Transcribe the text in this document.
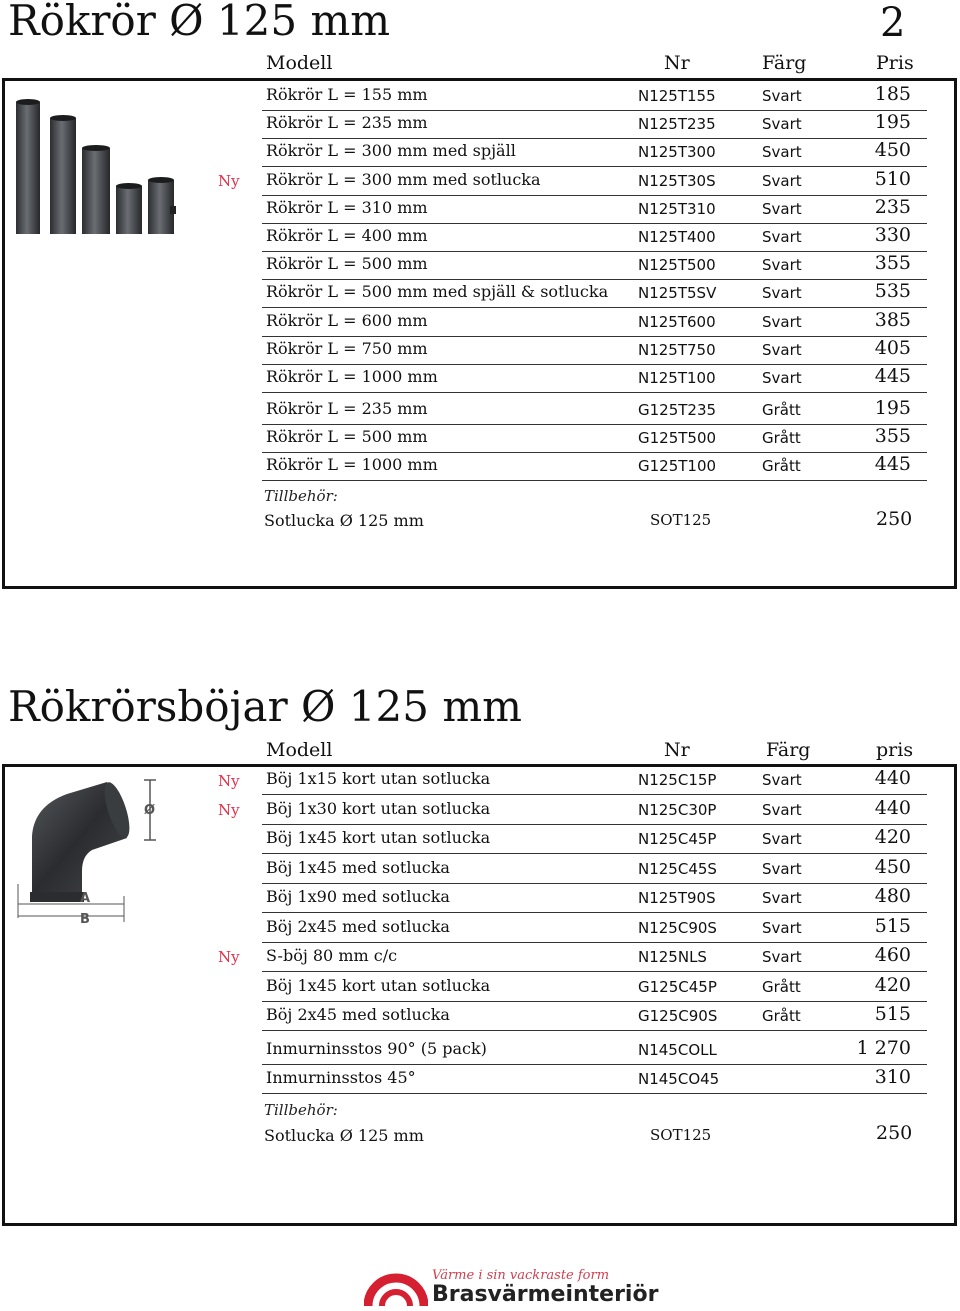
Rökrör Ø 125 mm	2
Modell	Nr	Färg	Pris
Ny
Rökrör L = 155 mm	N125T155	Svart	185
Rökrör L = 235 mm	N125T235	Svart	195
Rökrör L = 300 mm med spjäll	N125T300	Svart	450
Rökrör L = 300 mm med sotlucka	N125T30S	Svart	510
Rökrör L = 310 mm	N125T310	Svart	235
Rökrör L = 400 mm	N125T400	Svart	330
Rökrör L = 500 mm	N125T500	Svart	355
Rökrör L = 500 mm med spjäll & sotlucka N125T5SV	Svart	535
Rökrör L = 600 mm	N125T600	Svart	385
Rökrör L = 750 mm	N125T750	Svart	405
Rökrör L = 1000 mm	N125T100	Svart	445
Rökrör L = 235 mm	G125T235	Grått	195
Rökrör L = 500 mm	G125T500	Grått	355
Rökrör L = 1000 mm	G125T100	Grått	445
Tillbehör:
Sotlucka Ø 125 mm	SOT125	250
Rökrörsböjar Ø 125 mm
Modell	Nr	Färg	pris
Ø
A
B
Ny
Ny
Ny
Böj 1x15 kort utan sotlucka	N125C15P	Svart	440
Böj 1x30 kort utan sotlucka	N125C30P	Svart	440
Böj 1x45 kort utan sotlucka	N125C45P	Svart	420
Böj 1x45 med sotlucka	N125C45S	Svart	450
Böj 1x90 med sotlucka	N125T90S	Svart	480
Böj 2x45 med sotlucka	N125C90S	Svart	515
S-böj 80 mm c/c	N125NLS	Svart	460
Böj 1x45 kort utan sotlucka	G125C45P	Grått	420
Böj 2x45 med sotlucka	G125C90S	Grått	515
Inmurninsstos 90° (5 pack)	N145COLL	1 270
Inmurninsstos 45°	N145CO45	310
Tillbehör:
Sotlucka Ø 125 mm	SOT125	250
Värme i sin vackraste form
Brasvärmeinteriör
